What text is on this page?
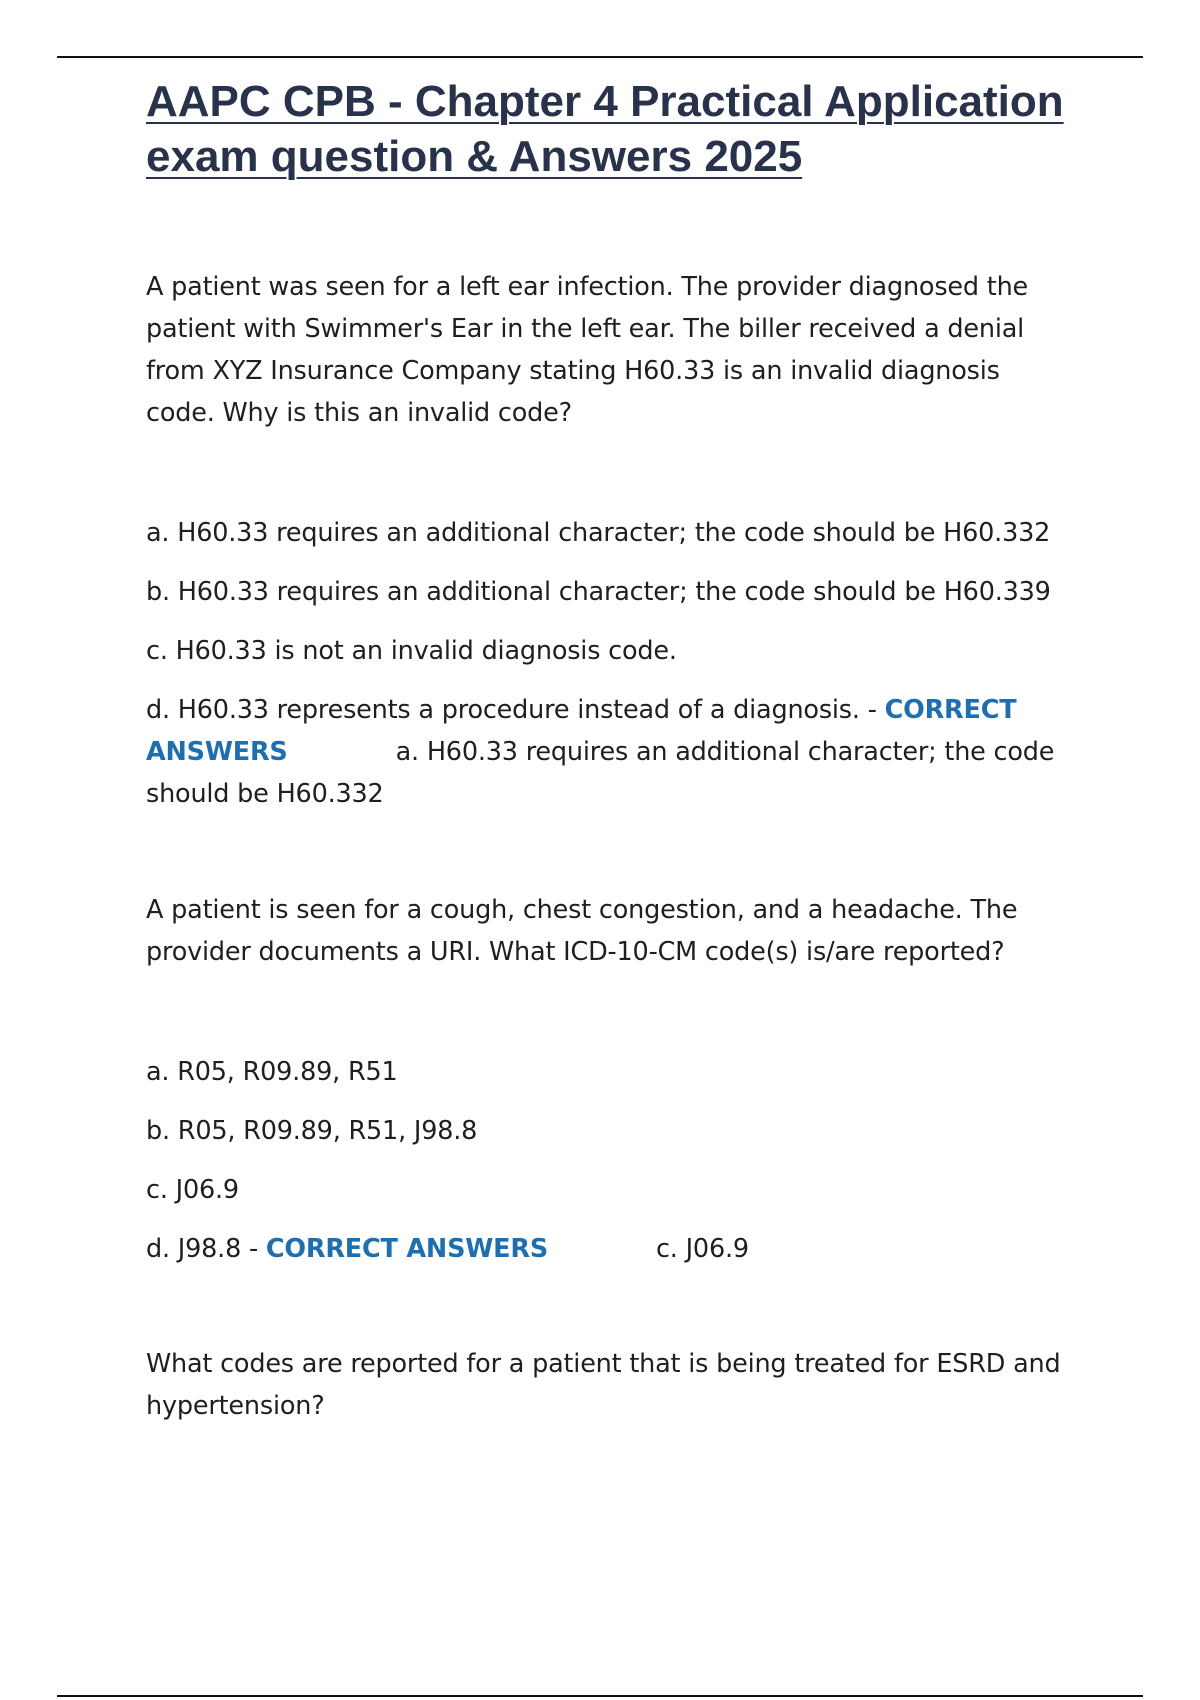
AAPC CPB - Chapter 4 Practical Application exam question & Answers 2025

A patient was seen for a left ear infection. The provider diagnosed the patient with Swimmer's Ear in the left ear. The biller received a denial from XYZ Insurance Company stating H60.33 is an invalid diagnosis code. Why is this an invalid code?

a. H60.33 requires an additional character; the code should be H60.332

b. H60.33 requires an additional character; the code should be H60.339

c. H60.33 is not an invalid diagnosis code.

d. H60.33 represents a procedure instead of a diagnosis. - CORRECT ANSWERS	a. H60.33 requires an additional character; the code should be H60.332

A patient is seen for a cough, chest congestion, and a headache. The provider documents a URI. What ICD-10-CM code(s) is/are reported?

a. R05, R09.89, R51

b. R05, R09.89, R51, J98.8

c. J06.9

d. J98.8 - CORRECT ANSWERS	c. J06.9

What codes are reported for a patient that is being treated for ESRD and hypertension?
